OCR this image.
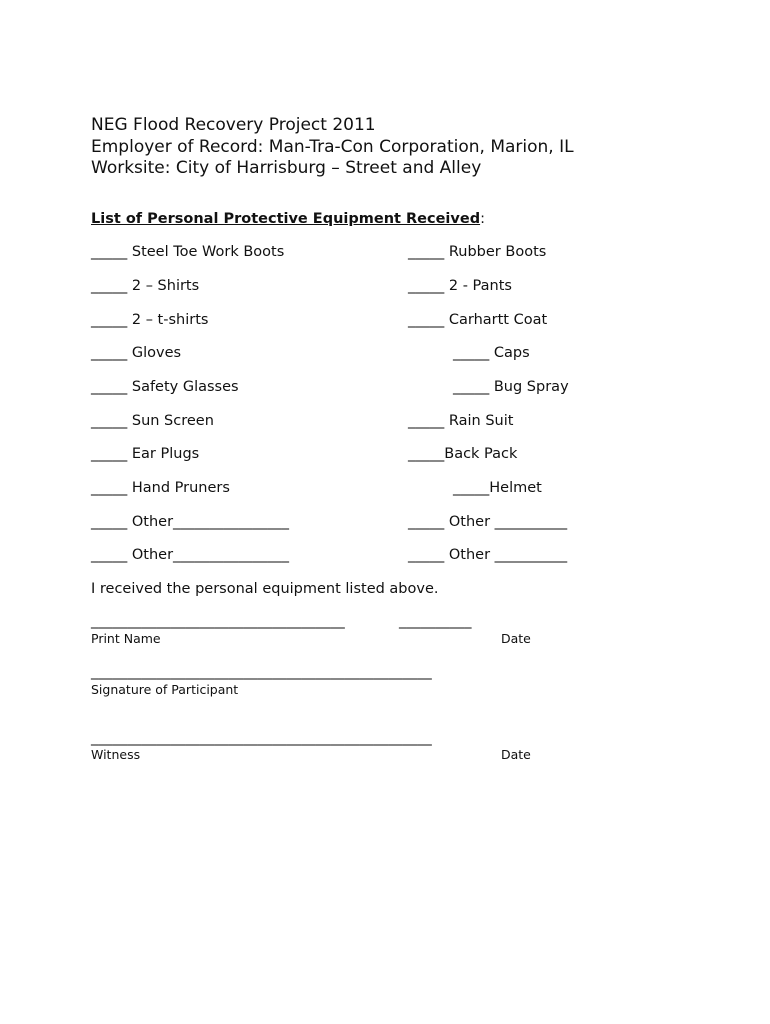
NEG Flood Recovery Project 2011
Employer of Record: Man-Tra-Con Corporation, Marion, IL
Worksite: City of Harrisburg – Street and Alley
List of Personal Protective Equipment Received:
_____ Steel Toe Work Boots
_____ 2 – Shirts
_____ 2 – t-shirts
_____ Gloves
_____ Safety Glasses
_____ Sun Screen
_____ Ear Plugs
_____ Hand Pruners
_____ Other________________
_____ Other________________
_____ Rubber Boots
_____ 2 - Pants
_____ Carhartt Coat
_____ Caps
_____ Bug Spray
_____ Rain Suit
_____Back Pack
_____Helmet
_____ Other __________
_____ Other __________
I received the personal equipment listed above.
___________________________________	__________
Print Name	Date
_______________________________________________
Signature of Participant
_______________________________________________
Witness	Date
